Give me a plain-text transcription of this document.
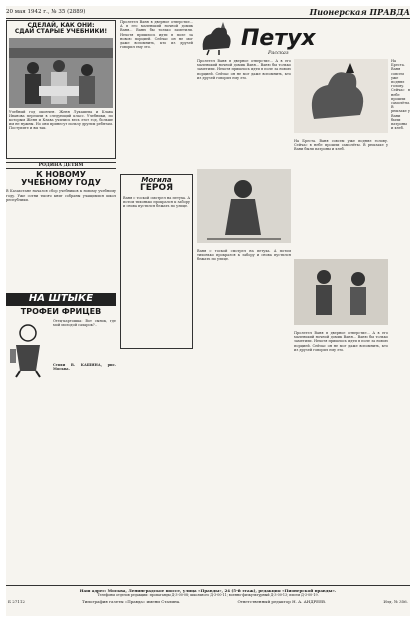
20 мая 1942 г., № 35 (2889)	Пионерская ПРАВДА
СДЕЛАЙ, КАК ОНИ:
СДАЙ СТАРЫЕ УЧЕБНИКИ!
Учебный год окончен. Женя Лукашева и Клава Иванова перешли в следующий класс. Учебники, по которым Женя и Клава учились весь этот год, больше им не нужны. Но они принесут пользу другим ребятам. Поступите и вы так.
РОДИНА ДЕТЯМ
К НОВОМУ
УЧЕБНОМУ ГОДУ
В Казахстане начался сбор учебников к новому учебному году. Уже сотни тысяч книг собраны учащимися школ республики.
НА ШТЫКЕ
ТРОФЕИ ФРИЦЕВ
Отец-картошка: Вот сынок, где мой молодой сахарок?..
Стихи В. КАШИНА, рис. Москва.
Пролетел Ваня в дверное отверстие... А в его маленький ночной домик Ваня... Ваню бы только заметили. Нехотя пришлось идти в поле за новою порцией. Сейчас он не мог даже вспомнить, кто из друзей говорил ему это.
Могила
ГЕРОЯ
Ваня с тоской смотрел на петуха. А потом тихонько прокрался к забору и снова пустился бежать по улице.
Петух
Рассказ
Пролетел Ваня в дверное отверстие... А в его маленький ночной домик Ваня... Ваню бы только заметили. Нехотя пришлось идти в поле за новою порцией. Сейчас он не мог даже вспомнить, кто из друзей говорил ему это.
Ваня с тоской смотрел на петуха. А потом тихонько прокрался к забору и снова пустился бежать по улице.
На Бреста. Ваня совсем уже поднял голову. Сейчас в небе прошли самолёты. В рюкзаке у Вани были патроны и хлеб.
Пролетел Ваня в дверное отверстие... А в его маленький ночной домик Ваня... Ваню бы только заметили. Нехотя пришлось идти в поле за новою порцией. Сейчас он не мог даже вспомнить, кто из друзей говорил ему это.
На Бреста. Ваня совсем уже поднял голову. Сейчас в небе прошли самолёты. В рюкзаке у Вани были патроны и хлеб.
Наш адрес: Москва, Ленинградское шоссе, улица «Правды», 24 (5-й этаж), редакция «Пионерской правды».
Телефоны отделов редакции: пропаганды Д-3-00-08; школьного Д-3-00-11; военно-физкультурный Д-3-00-13; писем Д-3-00-19.
Б 27112	Типография газеты «Правда» имени Сталина.	Ответственный редактор Н. А. АНДРЕЕВ.	Изд. № 356.
